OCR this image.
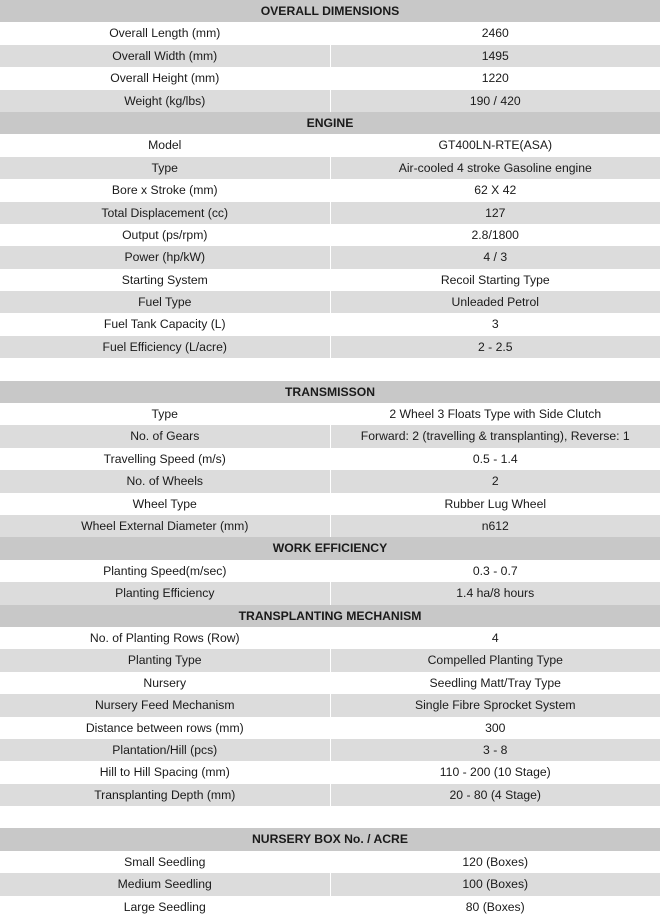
OVERALL DIMENSIONS
Overall Length (mm)	2460
Overall Width (mm)	1495
Overall Height (mm)	1220
Weight (kg/lbs)	190 / 420
ENGINE
Model	GT400LN-RTE(ASA)
Type	Air-cooled 4 stroke Gasoline engine
Bore x Stroke (mm)	62 X 42
Total Displacement (cc)	127
Output (ps/rpm)	2.8/1800
Power (hp/kW)	4 / 3
Starting System	Recoil Starting Type
Fuel Type	Unleaded Petrol
Fuel Tank Capacity (L)	3
Fuel Efficiency (L/acre)	2 - 2.5
TRANSMISSON
Type	2 Wheel 3 Floats Type with Side Clutch
No. of Gears	Forward: 2 (travelling & transplanting), Reverse: 1
Travelling Speed (m/s)	0.5 - 1.4
No. of Wheels	2
Wheel Type	Rubber Lug Wheel
Wheel External Diameter (mm)	n612
WORK EFFICIENCY
Planting Speed(m/sec)	0.3 - 0.7
Planting Efficiency	1.4 ha/8 hours
TRANSPLANTING MECHANISM
No. of Planting Rows (Row)	4
Planting Type	Compelled Planting Type
Nursery	Seedling Matt/Tray Type
Nursery Feed Mechanism	Single Fibre Sprocket System
Distance between rows (mm)	300
Plantation/Hill (pcs)	3 - 8
Hill to Hill Spacing (mm)	110 - 200 (10 Stage)
Transplanting Depth (mm)	20 - 80 (4 Stage)
NURSERY BOX No. / ACRE
Small Seedling	120 (Boxes)
Medium Seedling	100 (Boxes)
Large Seedling	80 (Boxes)
